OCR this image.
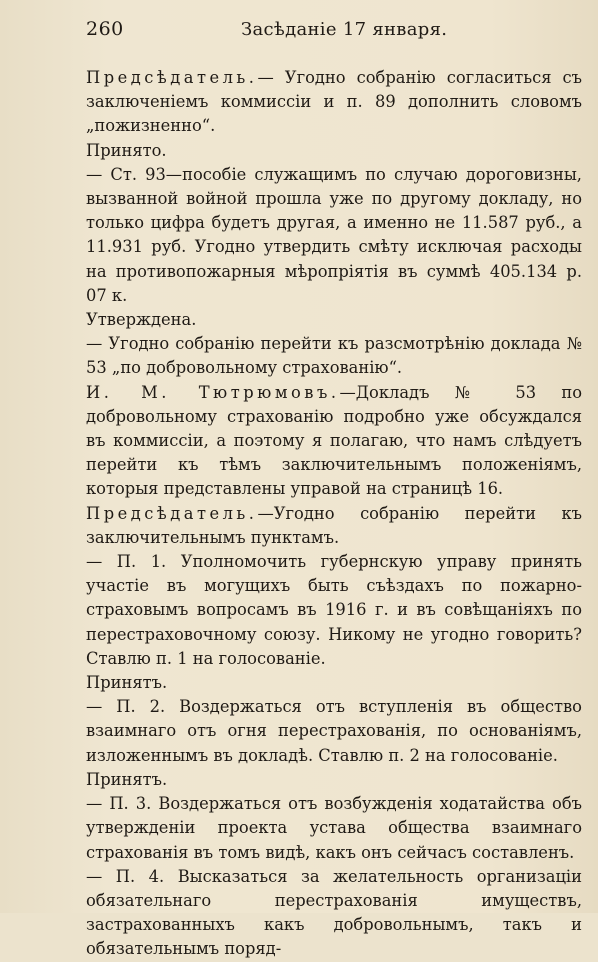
260	Засѣданіе 17 января.

Предсѣдатель.— Угодно собранію согласиться съ заключеніемъ коммиссіи и п. 89 дополнить словомъ „пожизненно“.

Принято.

— Ст. 93—пособіе служащимъ по случаю дороговизны, вызванной войной прошла уже по другому докладу, но только цифра будетъ другая, а именно не 11.587 руб., а 11.931 руб. Угодно утвердить смѣту исключая расходы на противопожарныя мѣропріятія въ суммѣ 405.134 р. 07 к.

Утверждена.

— Угодно собранію перейти къ разсмотрѣнію доклада № 53 „по добровольному страхованію“.

И. М. Тютрюмовъ.—Докладъ № 53 по добровольному страхованію подробно уже обсуждался въ коммиссіи, а поэтому я полагаю, что намъ слѣдуетъ перейти къ тѣмъ заключительнымъ положеніямъ, которыя представлены управой на страницѣ 16.

Предсѣдатель.—Угодно собранію перейти къ заключительнымъ пунктамъ.

— П. 1. Уполномочить губернскую управу принять участіе въ могущихъ быть съѣздахъ по пожарно-страховымъ вопросамъ въ 1916 г. и въ совѣщаніяхъ по перестраховочному союзу. Никому не угодно говорить? Ставлю п. 1 на голосованіе.

Принятъ.

— П. 2. Воздержаться отъ вступленія въ общество взаимнаго отъ огня перестрахованія, по основаніямъ, изложеннымъ въ докладѣ. Ставлю п. 2 на голосованіе.

Принятъ.

— П. 3. Воздержаться отъ возбужденія ходатайства объ утвержденіи проекта устава общества взаимнаго страхованія въ томъ видѣ, какъ онъ сейчасъ составленъ.

— П. 4. Высказаться за желательность организаціи обязательнаго перестрахованія имуществъ, застрахованныхъ какъ добровольнымъ, такъ и обязательнымъ поряд-
